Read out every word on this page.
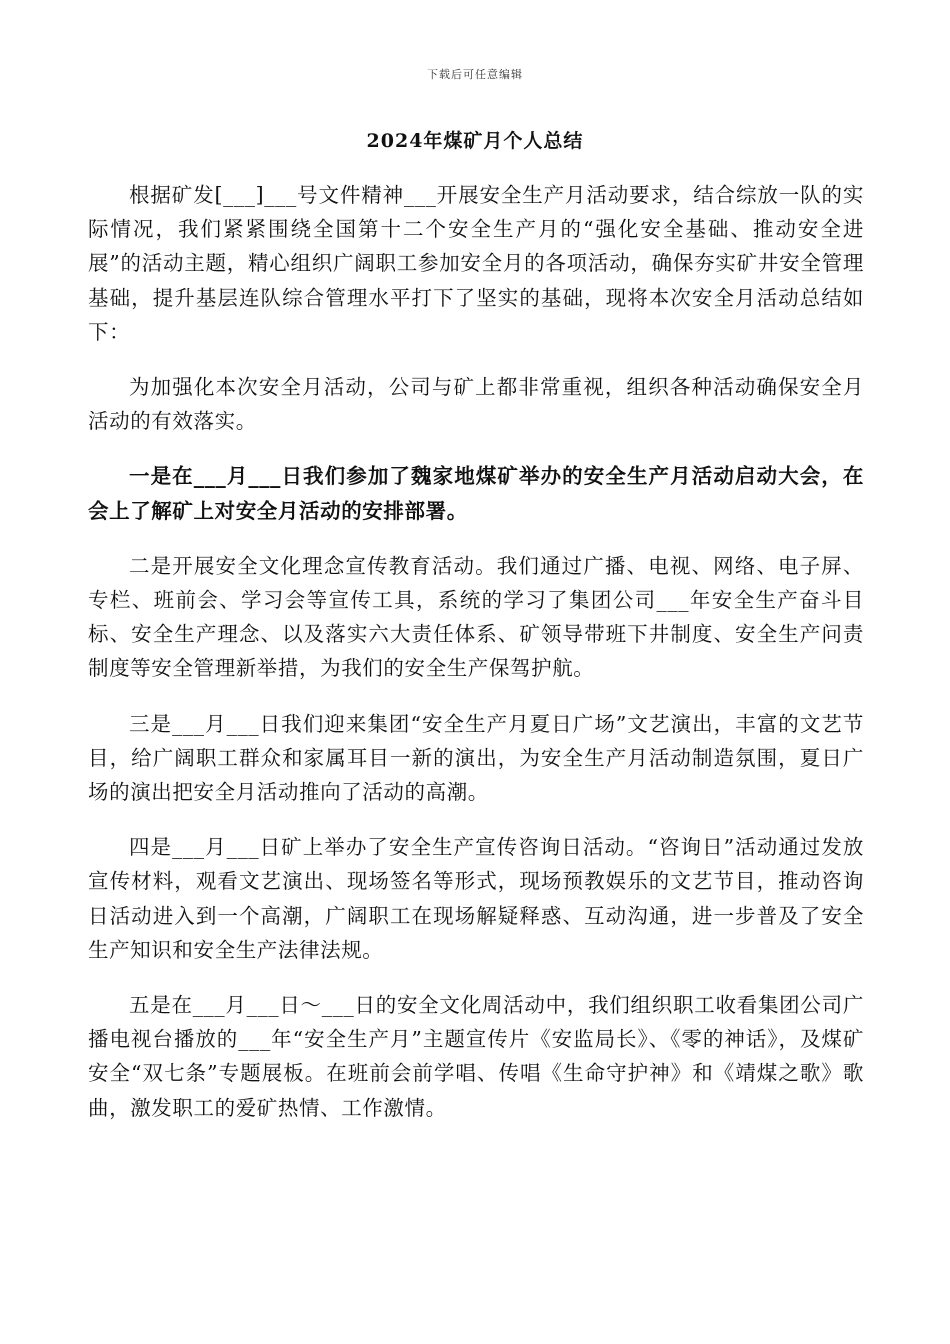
下载后可任意编辑
2024年煤矿月个人总结

根据矿发[___]___号文件精神___开展安全生产月活动要求，结合综放一队的实际情况，我们紧紧围绕全国第十二个安全生产月的“强化安全基础、推动安全进展”的活动主题，精心组织广阔职工参加安全月的各项活动，确保夯实矿井安全管理基础，提升基层连队综合管理水平打下了坚实的基础，现将本次安全月活动总结如下：

为加强化本次安全月活动，公司与矿上都非常重视，组织各种活动确保安全月活动的有效落实。

一是在___月___日我们参加了魏家地煤矿举办的安全生产月活动启动大会，在会上了解矿上对安全月活动的安排部署。

二是开展安全文化理念宣传教育活动。我们通过广播、电视、网络、电子屏、专栏、班前会、学习会等宣传工具，系统的学习了集团公司___年安全生产奋斗目标、安全生产理念、以及落实六大责任体系、矿领导带班下井制度、安全生产问责制度等安全管理新举措，为我们的安全生产保驾护航。

三是___月___日我们迎来集团“安全生产月夏日广场”文艺演出，丰富的文艺节目，给广阔职工群众和家属耳目一新的演出，为安全生产月活动制造氛围，夏日广场的演出把安全月活动推向了活动的高潮。

四是___月___日矿上举办了安全生产宣传咨询日活动。“咨询日”活动通过发放宣传材料，观看文艺演出、现场签名等形式，现场预教娱乐的文艺节目，推动咨询日活动进入到一个高潮，广阔职工在现场解疑释惑、互动沟通，进一步普及了安全生产知识和安全生产法律法规。

五是在___月___日～___日的安全文化周活动中，我们组织职工收看集团公司广播电视台播放的___年“安全生产月”主题宣传片《安监局长》、《零的神话》，及煤矿安全“双七条”专题展板。在班前会前学唱、传唱《生命守护神》和《靖煤之歌》歌曲，激发职工的爱矿热情、工作激情。
